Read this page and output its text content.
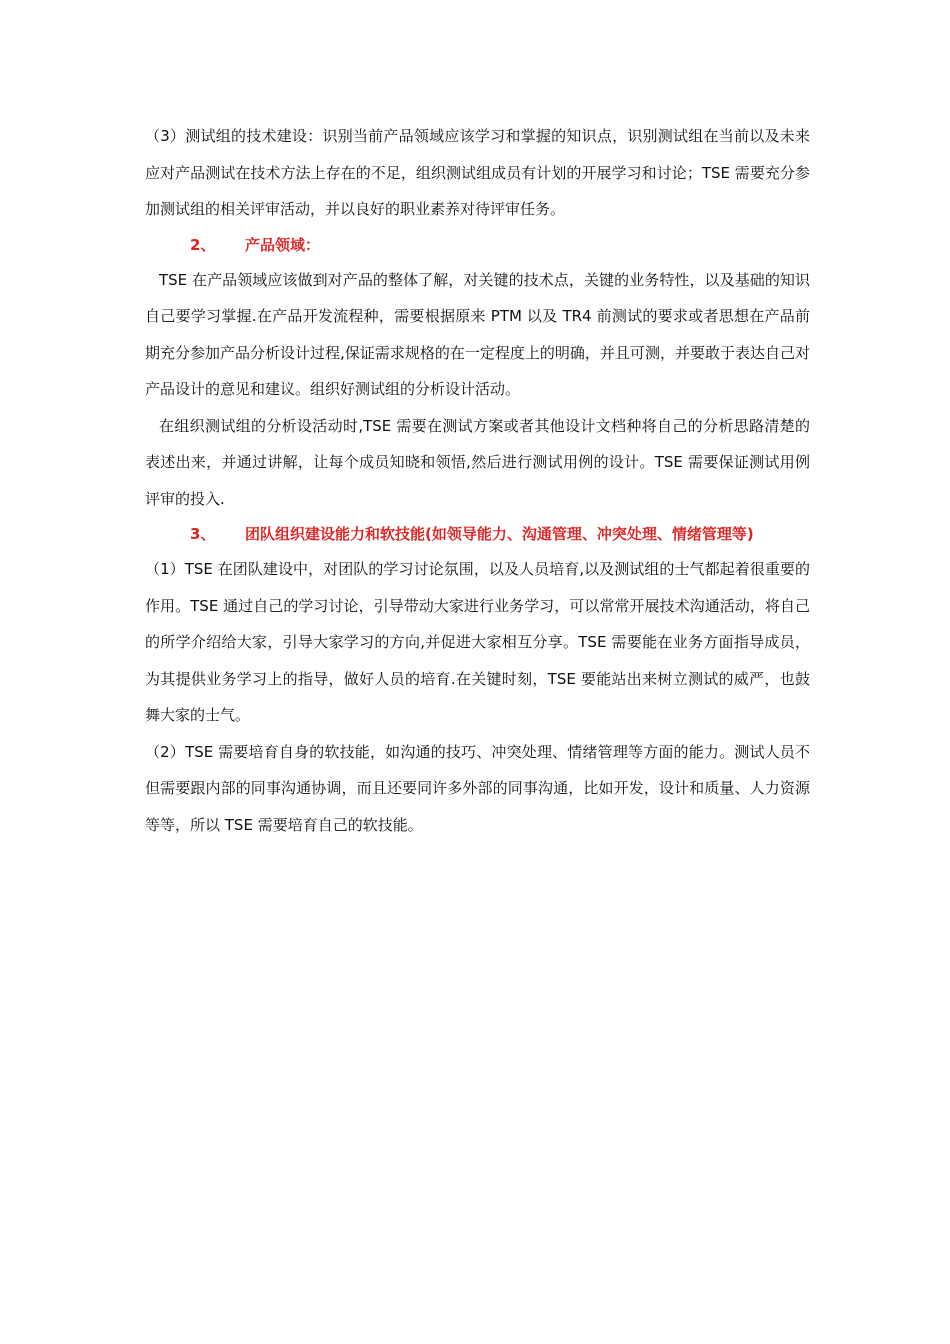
（3）测试组的技术建设：识别当前产品领域应该学习和掌握的知识点，识别测试组在当前以及未来应对产品测试在技术方法上存在的不足，组织测试组成员有计划的开展学习和讨论；TSE 需要充分参加测试组的相关评审活动，并以良好的职业素养对待评审任务。

2、 产品领域：

TSE 在产品领域应该做到对产品的整体了解，对关键的技术点，关键的业务特性，以及基础的知识自己要学习掌握.在产品开发流程种，需要根据原来 PTM 以及 TR4 前测试的要求或者思想在产品前期充分参加产品分析设计过程,保证需求规格的在一定程度上的明确，并且可测，并要敢于表达自己对产品设计的意见和建议。组织好测试组的分析设计活动。

在组织测试组的分析设活动时,TSE 需要在测试方案或者其他设计文档种将自己的分析思路清楚的表述出来，并通过讲解，让每个成员知晓和领悟,然后进行测试用例的设计。TSE 需要保证测试用例评审的投入.

3、 团队组织建设能力和软技能(如领导能力、沟通管理、冲突处理、情绪管理等)

（1）TSE 在团队建设中，对团队的学习讨论氛围，以及人员培育,以及测试组的士气都起着很重要的作用。TSE 通过自己的学习讨论，引导带动大家进行业务学习，可以常常开展技术沟通活动，将自己的所学介绍给大家，引导大家学习的方向,并促进大家相互分享。TSE 需要能在业务方面指导成员，为其提供业务学习上的指导，做好人员的培育.在关键时刻，TSE 要能站出来树立测试的威严，也鼓舞大家的士气。

（2）TSE 需要培育自身的软技能，如沟通的技巧、冲突处理、情绪管理等方面的能力。测试人员不但需要跟内部的同事沟通协调，而且还要同许多外部的同事沟通，比如开发，设计和质量、人力资源等等，所以 TSE 需要培育自己的软技能。
